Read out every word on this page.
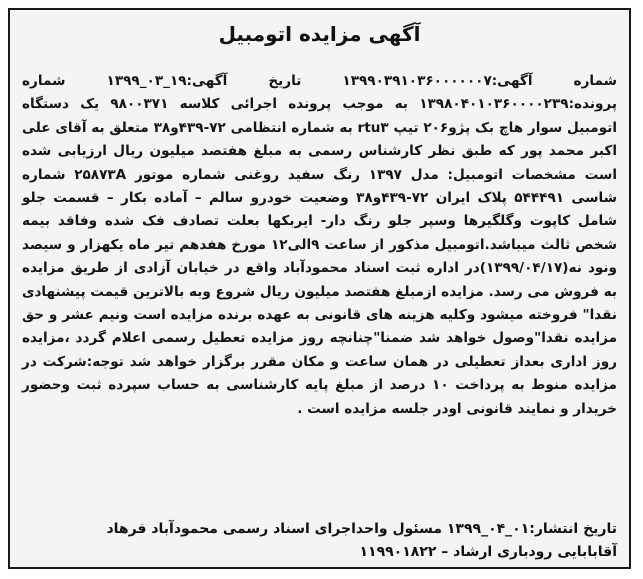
آگهی مزایده اتومبیل

شماره آگهی:۱۳۹۹۰۳۹۱۰۳۶۰۰۰۰۰۰۷ تاریخ آگهی:۱۹_۰۳_۱۳۹۹ شماره پرونده:۱۳۹۸۰۴۰۱۰۳۶۰۰۰۰۲۳۹ به موجب پرونده اجرائی کلاسه ۹۸۰۰۳۷۱ یک دستگاه اتومبیل سوار هاچ بک پژو۲۰۶ تیپ rtu۳ به شماره انتظامی ۷۲-۴۳۹و۳۸ متعلق به آقای علی اکبر محمد پور که طبق نظر کارشناس رسمی به مبلغ هفتصد میلیون ریال ارزیابی شده است مشخصات اتومبیل: مدل ۱۳۹۷ رنگ سفید روغنی شماره موتور ۲۵۸۷۳A شماره شاسی ۵۴۴۴۹۱ پلاک ایران ۷۲-۴۳۹و۳۸ وضعیت خودرو سالم – آماده بکار – قسمت جلو شامل کاپوت وگلگیرها وسپر جلو رنگ دار- ایربکها بعلت تصادف فک شده وفاقد بیمه شخص ثالث میباشد.اتومبیل مذکور از ساعت ۹الی۱۲ مورخ هفدهم تیر ماه یکهزار و سیصد ونود نه(۱۳۹۹/۰۴/۱۷)در اداره ثبت اسناد محمودآباد واقع در خیابان آزادی از طریق مزایده به فروش می رسد. مزایده ازمبلغ هفتصد میلیون ریال شروع وبه بالاترین قیمت پیشنهادی نقدا" فروخته میشود وکلیه هزینه های قانونی به عهده برنده مزایده است ونیم عشر و حق مزایده نقدا"وصول خواهد شد ضمنا"چنانچه روز مزایده تعطیل رسمی اعلام گردد ،مزایده روز اداری بعداز تعطیلی در همان ساعت و مکان مقرر برگزار خواهد شد توجه:شرکت در مزایده منوط به پرداخت ۱۰ درصد از مبلغ پایه کارشناسی به حساب سپرده ثبت وحضور خریدار و نمایند قانونی اودر جلسه مزایده است .

تاریخ انتشار:۰۱_۰۴_۱۳۹۹ مسئول واحداجرای اسناد رسمی محمودآباد فرهاد
آقابابایی رودباری ارشاد – ۱۱۹۹۰۱۸۲۲
